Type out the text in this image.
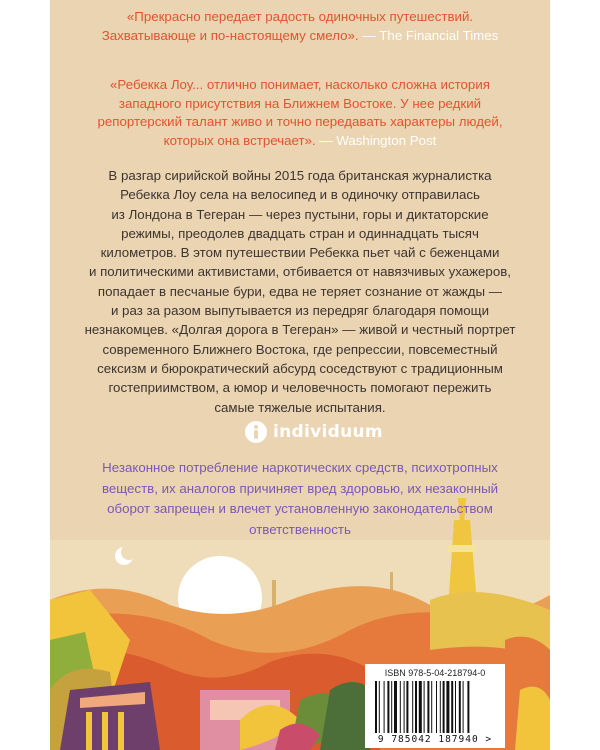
«Прекрасно передает радость одиночных путешествий.
Захватывающе и по-настоящему смело». — The Financial Times
«Ребекка Лоу... отлично понимает, насколько сложна история
западного присутствия на Ближнем Востоке. У нее редкий
репортерский талант живо и точно передавать характеры людей,
которых она встречает». — Washington Post
В разгар сирийской войны 2015 года британская журналистка
Ребекка Лоу села на велосипед и в одиночку отправилась
из Лондона в Тегеран — через пустыни, горы и диктаторские
режимы, преодолев двадцать стран и одиннадцать тысяч
километров. В этом путешествии Ребекка пьет чай с беженцами
и политическими активистами, отбивается от навязчивых ухажеров,
попадает в песчаные бури, едва не теряет сознание от жажды —
и раз за разом выпутывается из передряг благодаря помощи
незнакомцев. «Долгая дорога в Тегеран» — живой и честный портрет
современного Ближнего Востока, где репрессии, повсеместный
сексизм и бюрократический абсурд соседствуют с традиционным
гостеприимством, а юмор и человечность помогают пережить
самые тяжелые испытания.
individuum
Незаконное потребление наркотических средств, психотропных
веществ, их аналогов причиняет вред здоровью, их незаконный
оборот запрещен и влечет установленную законодательством
ответственность
ISBN 978-5-04-218794-0
9 785042 187940 >
